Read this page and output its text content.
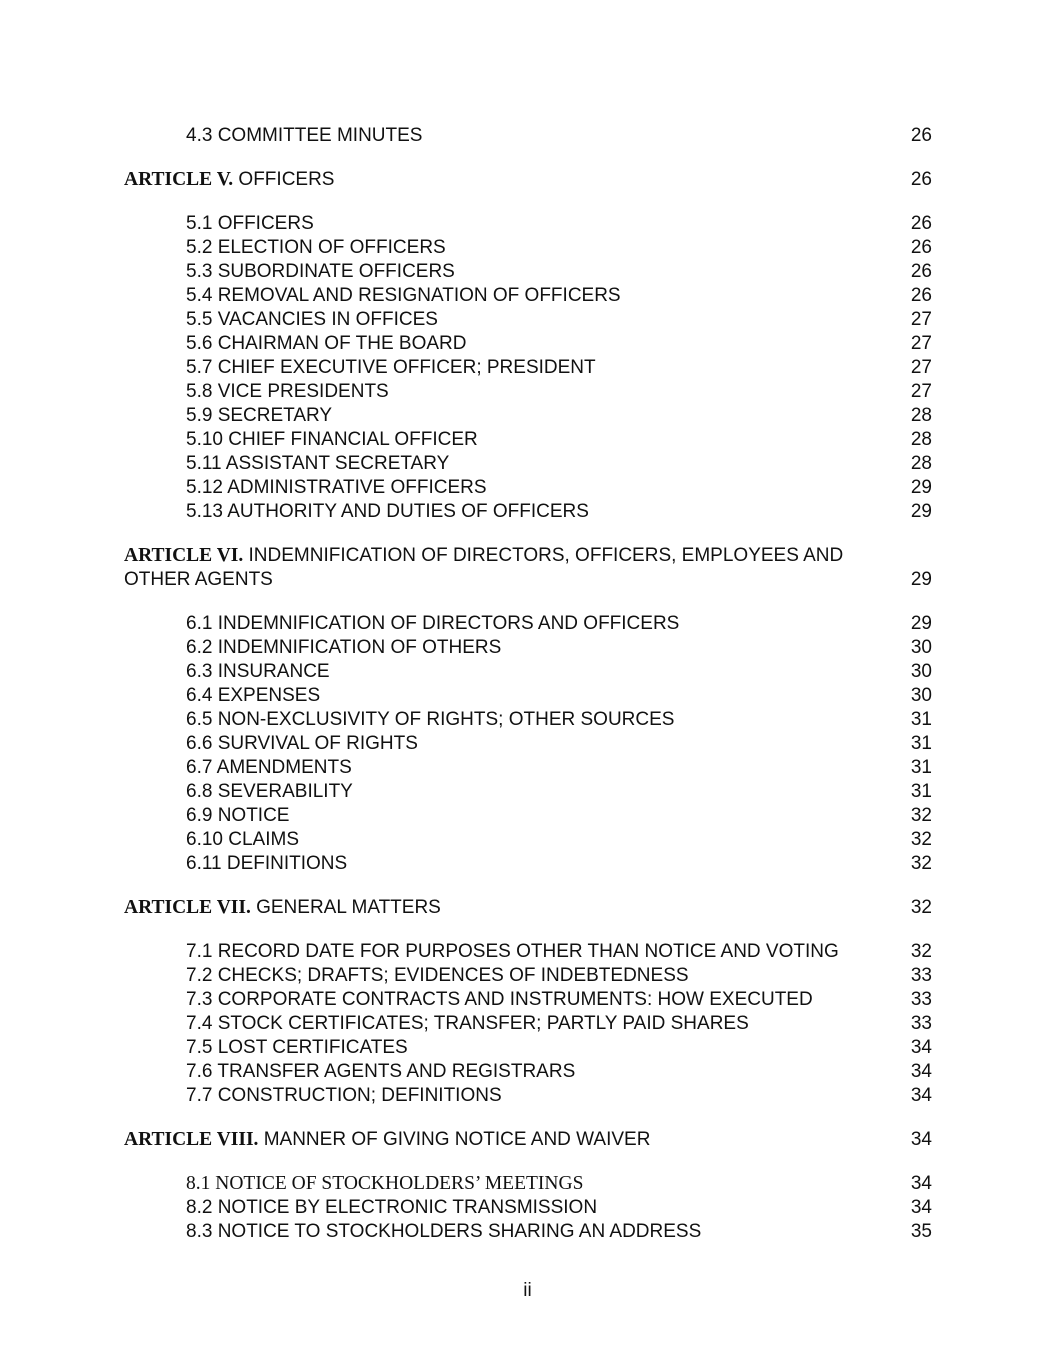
4.3 COMMITTEE MINUTES	26
ARTICLE V. OFFICERS	26
5.1 OFFICERS	26
5.2 ELECTION OF OFFICERS	26
5.3 SUBORDINATE OFFICERS	26
5.4 REMOVAL AND RESIGNATION OF OFFICERS	26
5.5 VACANCIES IN OFFICES	27
5.6 CHAIRMAN OF THE BOARD	27
5.7 CHIEF EXECUTIVE OFFICER; PRESIDENT	27
5.8 VICE PRESIDENTS	27
5.9 SECRETARY	28
5.10 CHIEF FINANCIAL OFFICER	28
5.11 ASSISTANT SECRETARY	28
5.12 ADMINISTRATIVE OFFICERS	29
5.13 AUTHORITY AND DUTIES OF OFFICERS	29
ARTICLE VI. INDEMNIFICATION OF DIRECTORS, OFFICERS, EMPLOYEES AND
OTHER AGENTS	29
6.1 INDEMNIFICATION OF DIRECTORS AND OFFICERS	29
6.2 INDEMNIFICATION OF OTHERS	30
6.3 INSURANCE	30
6.4 EXPENSES	30
6.5 NON-EXCLUSIVITY OF RIGHTS; OTHER SOURCES	31
6.6 SURVIVAL OF RIGHTS	31
6.7 AMENDMENTS	31
6.8 SEVERABILITY	31
6.9 NOTICE	32
6.10 CLAIMS	32
6.11 DEFINITIONS	32
ARTICLE VII. GENERAL MATTERS	32
7.1 RECORD DATE FOR PURPOSES OTHER THAN NOTICE AND VOTING	32
7.2 CHECKS; DRAFTS; EVIDENCES OF INDEBTEDNESS	33
7.3 CORPORATE CONTRACTS AND INSTRUMENTS: HOW EXECUTED	33
7.4 STOCK CERTIFICATES; TRANSFER; PARTLY PAID SHARES	33
7.5 LOST CERTIFICATES	34
7.6 TRANSFER AGENTS AND REGISTRARS	34
7.7 CONSTRUCTION; DEFINITIONS	34
ARTICLE VIII. MANNER OF GIVING NOTICE AND WAIVER	34
8.1 NOTICE OF STOCKHOLDERS’ MEETINGS	34
8.2 NOTICE BY ELECTRONIC TRANSMISSION	34
8.3 NOTICE TO STOCKHOLDERS SHARING AN ADDRESS	35
ii
